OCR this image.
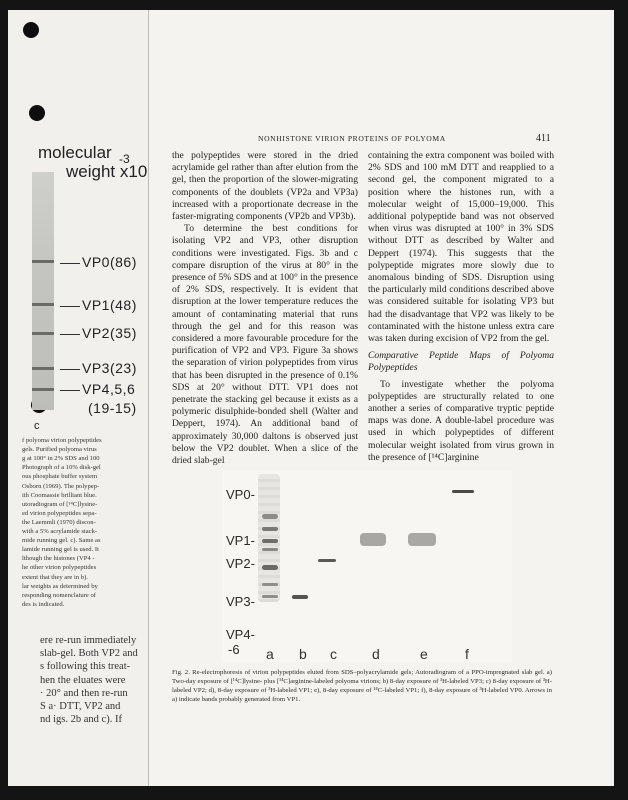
molecular
weight x10
-3
VP0(86)
VP1(48)
VP2(35)
VP3(23)
VP4,5,6
(19-15)
c
f polyoma virion polypeptides
gels. Purified polyoma virus
g at 100° in 2% SDS and 100
Photograph of a 10% disk-gel
ous phosphate buffer system
Osborn (1969). The polypep-
ith Coomassie brilliant blue.
utoradiogram of [¹⁴C]lysine-
ed virion polypeptides sepa-
the Laemmli (1970) discon-
with a 5% acrylamide stack-
mide running gel. c). Same as
lamide running gel is used. It
lthough the histones (VP4 -
he other virion polypeptides
extent that they are in b).
lar weights as determined by
responding nomenclature of
des is indicated.
ere re-run immediately
slab-gel. Both VP2 and
s following this treat-
hen the eluates were
· 20° and then re-run
S a· DTT, VP2 and
nd igs. 2b and c). If
NONHISTONE VIRION PROTEINS OF POLYOMA	411

the polypeptides were stored in the dried acrylamide gel rather than after elution from the gel, then the proportion of the slower-migrating components of the doublets (VP2a and VP3a) increased with a proportionate decrease in the faster-migrating components (VP2b and VP3b).

To determine the best conditions for isolating VP2 and VP3, other disruption conditions were investigated. Figs. 3b and c compare disruption of the virus at 80° in the presence of 5% SDS and at 100° in the presence of 2% SDS, respectively. It is evident that disruption at the lower temperature reduces the amount of contaminating material that runs through the gel and for this reason was considered a more favourable procedure for the purification of VP2 and VP3. Figure 3a shows the separation of virion polypeptides from virus that has been disrupted in the presence of 0.1% SDS at 20° without DTT. VP1 does not penetrate the stacking gel because it exists as a polymeric disulphide-bonded shell (Walter and Deppert, 1974). An additional band of approximately 30,000 daltons is observed just below the VP2 doublet. When a slice of the dried slab-gel

containing the extra component was boiled with 2% SDS and 100 mM DTT and reapplied to a second gel, the component migrated to a position where the histones run, with a molecular weight of 15,000–19,000. This additional polypeptide band was not observed when virus was disrupted at 100° in 3% SDS without DTT as described by Walter and Deppert (1974). This suggests that the polypeptide migrates more slowly due to anomalous binding of SDS. Disruption using the particularly mild conditions described above was considered suitable for isolating VP3 but had the disadvantage that VP2 was likely to be contaminated with the histone unless extra care was taken during excision of VP2 from the gel.

Comparative Peptide Maps of Polyoma Polypeptides

To investigate whether the polyoma polypeptides are structurally related to one another a series of comparative tryptic peptide maps was done. A double-label procedure was used in which polypeptides of different molecular weight isolated from virus grown in the presence of [¹⁴C]arginine

VP0-
VP1-
VP2-
VP3-
VP4-
-6 a b c	d	e	f
Fig. 2. Re-electrophoresis of virion polypeptides eluted from SDS–polyacrylamide gels; Autoradiogram of a PPO-impregnated slab gel. a) Two-day exposure of [¹⁴C]lysine- plus [¹⁴C]arginine-labeled polyoma virions; b) 8-day exposure of ³H-labeled VP3; c) 8-day exposure of ³H-labeled VP2; d), 8-day exposure of ³H-labeled VP1; e), 8-day exposure of ¹⁴C-labeled VP1; f), 8-day exposure of ³H-labeled VP0. Arrows in a) indicate bands probably generated from VP1.
